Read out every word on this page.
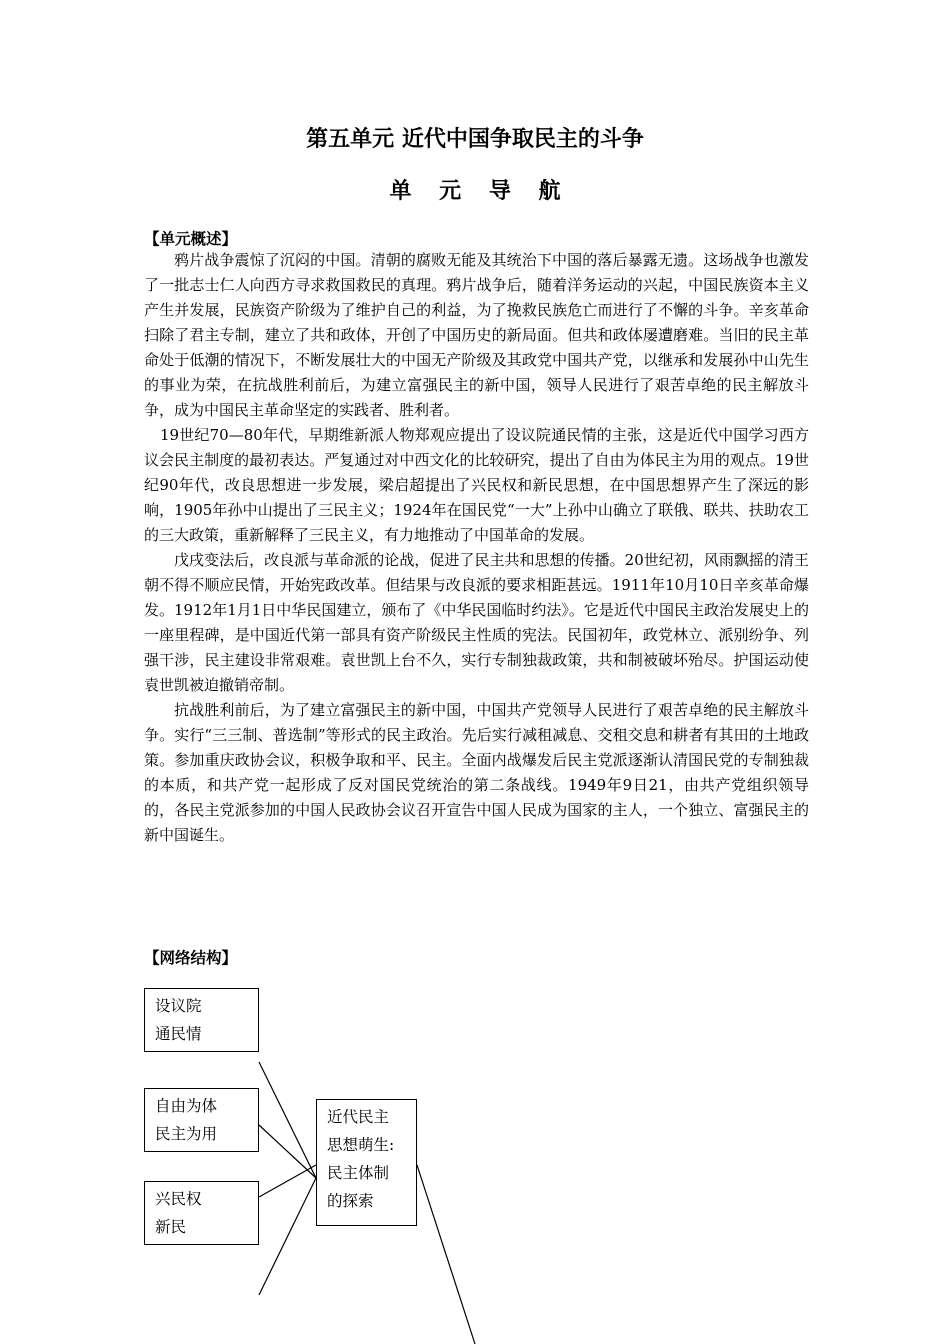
第五单元 近代中国争取民主的斗争
单 元 导 航
【单元概述】

鸦片战争震惊了沉闷的中国。清朝的腐败无能及其统治下中国的落后暴露无遗。这场战争也激发了一批志士仁人向西方寻求救国救民的真理。鸦片战争后，随着洋务运动的兴起，中国民族资本主义产生并发展，民族资产阶级为了维护自己的利益，为了挽救民族危亡而进行了不懈的斗争。辛亥革命扫除了君主专制，建立了共和政体，开创了中国历史的新局面。但共和政体屡遭磨难。当旧的民主革命处于低潮的情况下，不断发展壮大的中国无产阶级及其政党中国共产党，以继承和发展孙中山先生的事业为荣，在抗战胜利前后，为建立富强民主的新中国，领导人民进行了艰苦卓绝的民主解放斗争，成为中国民主革命坚定的实践者、胜利者。

19世纪70—80年代，早期维新派人物郑观应提出了设议院通民情的主张，这是近代中国学习西方议会民主制度的最初表达。严复通过对中西文化的比较研究，提出了自由为体民主为用的观点。19世纪90年代，改良思想进一步发展，梁启超提出了兴民权和新民思想，在中国思想界产生了深远的影响，1905年孙中山提出了三民主义；1924年在国民党“一大”上孙中山确立了联俄、联共、扶助农工的三大政策，重新解释了三民主义，有力地推动了中国革命的发展。

戊戌变法后，改良派与革命派的论战，促进了民主共和思想的传播。20世纪初，风雨飘摇的清王朝不得不顺应民情，开始宪政改革。但结果与改良派的要求相距甚远。1911年10月10日辛亥革命爆发。1912年1月1日中华民国建立，颁布了《中华民国临时约法》。它是近代中国民主政治发展史上的一座里程碑，是中国近代第一部具有资产阶级民主性质的宪法。民国初年，政党林立、派别纷争、列强干涉，民主建设非常艰难。袁世凯上台不久，实行专制独裁政策，共和制被破坏殆尽。护国运动使袁世凯被迫撤销帝制。

抗战胜利前后，为了建立富强民主的新中国，中国共产党领导人民进行了艰苦卓绝的民主解放斗争。实行“三三制、普选制”等形式的民主政治。先后实行减租减息、交租交息和耕者有其田的土地政策。参加重庆政协会议，积极争取和平、民主。全面内战爆发后民主党派逐渐认清国民党的专制独裁的本质，和共产党一起形成了反对国民党统治的第二条战线。1949年9日21，由共产党组织领导的，各民主党派参加的中国人民政协会议召开宣告中国人民成为国家的主人，一个独立、富强民主的新中国诞生。

【网络结构】
设议院
通民情
自由为体
民主为用
兴民权
新民
近代民主
思想萌生:
民主体制
的探索
